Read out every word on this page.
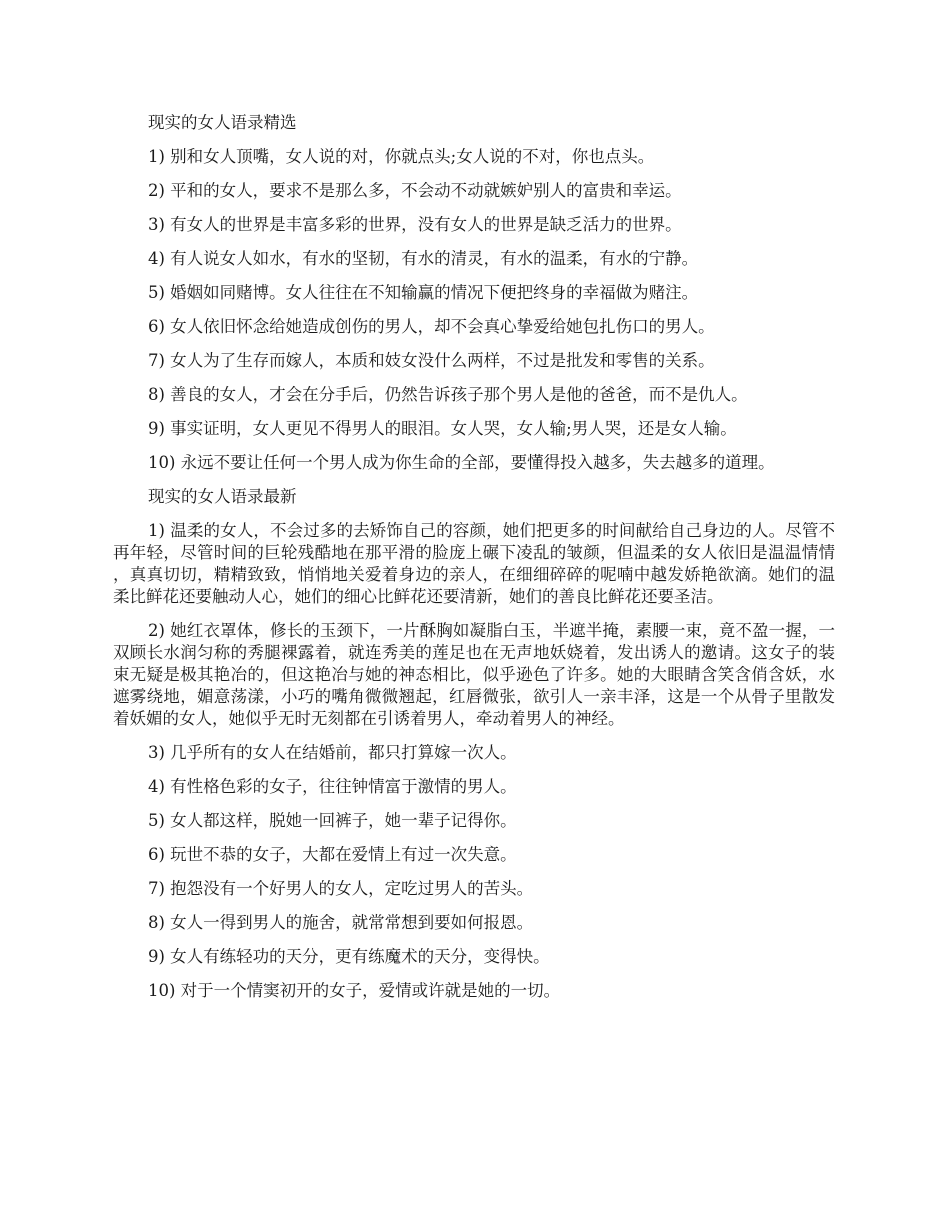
现实的女人语录精选

1) 别和女人顶嘴，女人说的对，你就点头;女人说的不对，你也点头。

2) 平和的女人，要求不是那么多，不会动不动就嫉妒别人的富贵和幸运。

3) 有女人的世界是丰富多彩的世界，没有女人的世界是缺乏活力的世界。

4) 有人说女人如水，有水的坚韧，有水的清灵，有水的温柔，有水的宁静。

5) 婚姻如同赌博。女人往往在不知输赢的情况下便把终身的幸福做为赌注。

6) 女人依旧怀念给她造成创伤的男人，却不会真心挚爱给她包扎伤口的男人。

7) 女人为了生存而嫁人，本质和妓女没什么两样，不过是批发和零售的关系。

8) 善良的女人，才会在分手后，仍然告诉孩子那个男人是他的爸爸，而不是仇人。

9) 事实证明，女人更见不得男人的眼泪。女人哭，女人输;男人哭，还是女人输。

10) 永远不要让任何一个男人成为你生命的全部，要懂得投入越多，失去越多的道理。

现实的女人语录最新

1) 温柔的女人，不会过多的去矫饰自己的容颜，她们把更多的时间献给自己身边的人。尽管不再年轻，尽管时间的巨轮残酷地在那平滑的脸庞上碾下凌乱的皱颜，但温柔的女人依旧是温温情情，真真切切，精精致致，悄悄地关爱着身边的亲人，在细细碎碎的呢喃中越发娇艳欲滴。她们的温柔比鲜花还要触动人心，她们的细心比鲜花还要清新，她们的善良比鲜花还要圣洁。

2) 她红衣罩体，修长的玉颈下，一片酥胸如凝脂白玉，半遮半掩，素腰一束，竟不盈一握，一双顾长水润匀称的秀腿裸露着，就连秀美的莲足也在无声地妖娆着，发出诱人的邀请。这女子的装束无疑是极其艳冶的，但这艳冶与她的神态相比，似乎逊色了许多。她的大眼睛含笑含俏含妖，水遮雾绕地，媚意荡漾，小巧的嘴角微微翘起，红唇微张，欲引人一亲丰泽，这是一个从骨子里散发着妖媚的女人，她似乎无时无刻都在引诱着男人，牵动着男人的神经。

3) 几乎所有的女人在结婚前，都只打算嫁一次人。

4) 有性格色彩的女子，往往钟情富于激情的男人。

5) 女人都这样，脱她一回裤子，她一辈子记得你。

6) 玩世不恭的女子，大都在爱情上有过一次失意。

7) 抱怨没有一个好男人的女人，定吃过男人的苦头。

8) 女人一得到男人的施舍，就常常想到要如何报恩。

9) 女人有练轻功的天分，更有练魔术的天分，变得快。

10) 对于一个情窦初开的女子，爱情或许就是她的一切。
